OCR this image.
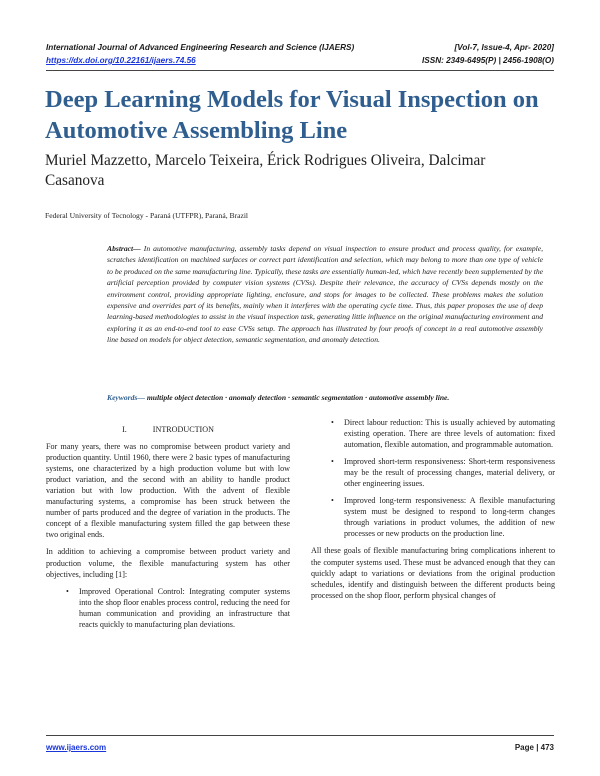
International Journal of Advanced Engineering Research and Science (IJAERS)	[Vol-7, Issue-4, Apr- 2020]
https://dx.doi.org/10.22161/ijaers.74.56	ISSN: 2349-6495(P) | 2456-1908(O)
Deep Learning Models for Visual Inspection on Automotive Assembling Line
Muriel Mazzetto, Marcelo Teixeira, Érick Rodrigues Oliveira, Dalcimar Casanova
Federal University of Tecnology - Paraná (UTFPR), Paraná, Brazil
Abstract— In automotive manufacturing, assembly tasks depend on visual inspection to ensure product and process quality, for example, scratches identification on machined surfaces or correct part identification and selection, which may belong to more than one type of vehicle to be produced on the same manufacturing line. Typically, these tasks are essentially human-led, which have recently been supplemented by the artificial perception provided by computer vision systems (CVSs). Despite their relevance, the accuracy of CVSs depends mostly on the environment control, providing appropriate lighting, enclosure, and stops for images to be collected. These problems makes the solution expensive and overrides part of its benefits, mainly when it interferes with the operating cycle time. Thus, this paper proposes the use of deep learning-based methodologies to assist in the visual inspection task, generating little influence on the original manufacturing environment and exploring it as an end-to-end tool to ease CVSs setup. The approach has illustrated by four proofs of concept in a real automotive assembly line based on models for object detection, semantic segmentation, and anomaly detection.
Keywords— multiple object detection · anomaly detection · semantic segmentation · automotive assembly line.
I.	INTRODUCTION

For many years, there was no compromise between product variety and production quantity. Until 1960, there were 2 basic types of manufacturing systems, one characterized by a high production volume but with low product variation, and the second with an ability to handle product variation but with low production. With the advent of flexible manufacturing systems, a compromise has been struck between the number of parts produced and the degree of variation in the products. The concept of a flexible manufacturing system filled the gap between these two original ends.

In addition to achieving a compromise between product variety and production volume, the flexible manufacturing system has other objectives, including [1]:

• Improved Operational Control: Integrating computer systems into the shop floor enables process control, reducing the need for human communication and providing an infrastructure that reacts quickly to manufacturing plan deviations.
• Direct labour reduction: This is usually achieved by automating existing operation. There are three levels of automation: fixed automation, flexible automation, and programmable automation.
• Improved short-term responsiveness: Short-term responsiveness may be the result of processing changes, material delivery, or other engineering issues.
• Improved long-term responsiveness: A flexible manufacturing system must be designed to respond to long-term changes through variations in product volumes, the addition of new processes or new products on the production line.

All these goals of flexible manufacturing bring complications inherent to the computer systems used. These must be advanced enough that they can quickly adapt to variations or deviations from the original production schedules, identify and distinguish between the different products being processed on the shop floor, perform physical changes of

www.ijaers.com	Page | 473
